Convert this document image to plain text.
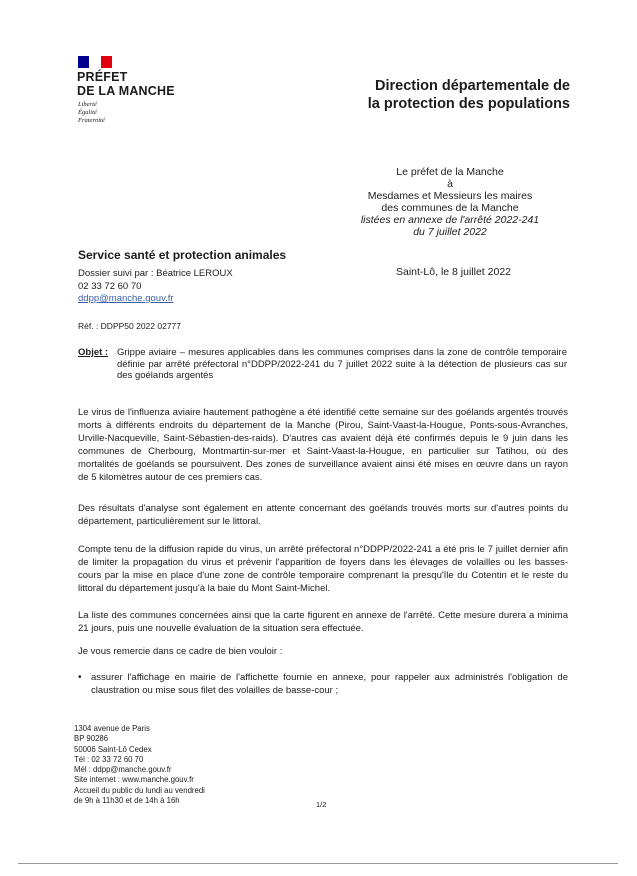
PRÉFET
DE LA MANCHE
Liberté
Égalité
Fraternité
Direction départementale de
la protection des populations
Le préfet de la Manche
à
Mesdames et Messieurs les maires
des communes de la Manche
listées en annexe de l'arrêté 2022-241
du 7 juillet 2022
Service santé et protection animales
Dossier suivi par : Béatrice LEROUX
02 33 72 60 70
ddpp@manche.gouv.fr
Saint-Lô, le 8 juillet 2022
Réf. : DDPP50 2022 02777
Objet : Grippe aviaire – mesures applicables dans les communes comprises dans la zone de contrôle temporaire définie par arrêté préfectoral n°DDPP/2022-241 du 7 juillet 2022 suite à la détection de plusieurs cas sur des goélands argentés
Le virus de l'influenza aviaire hautement pathogène a été identifié cette semaine sur des goélands argentés trouvés morts à différents endroits du département de la Manche (Pirou, Saint-Vaast-la-Hougue, Ponts-sous-Avranches, Urville-Nacqueville, Saint-Sébastien-des-raids). D'autres cas avaient déjà été confirmés depuis le 9 juin dans les communes de Cherbourg, Montmartin-sur-mer et Saint-Vaast-la-Hougue, en particulier sur Tatihou, où des mortalités de goélands se poursuivent. Des zones de surveillance avaient ainsi été mises en œuvre dans un rayon de 5 kilomètres autour de ces premiers cas.
Des résultats d'analyse sont également en attente concernant des goélands trouvés morts sur d'autres points du département, particulièrement sur le littoral.
Compte tenu de la diffusion rapide du virus, un arrêté préfectoral n°DDPP/2022-241 a été pris le 7 juillet dernier afin de limiter la propagation du virus et prévenir l'apparition de foyers dans les élevages de volailles ou les basses-cours par la mise en place d'une zone de contrôle temporaire comprenant la presqu'île du Cotentin et le reste du littoral du département jusqu'à la baie du Mont Saint-Michel.
La liste des communes concernées ainsi que la carte figurent en annexe de l'arrêté. Cette mesure durera a minima 21 jours, puis une nouvelle évaluation de la situation sera effectuée.
Je vous remercie dans ce cadre de bien vouloir :
• assurer l'affichage en mairie de l'affichette fournie en annexe, pour rappeler aux administrés l'obligation de claustration ou mise sous filet des volailles de basse-cour ;
1304 avenue de Paris
BP 90286
50006 Saint-Lô Cedex
Tél : 02 33 72 60 70
Mél : ddpp@manche.gouv.fr
Site internet : www.manche.gouv.fr
Accueil du public du lundi au vendredi
de 9h à 11h30 et de 14h à 16h	1/2
